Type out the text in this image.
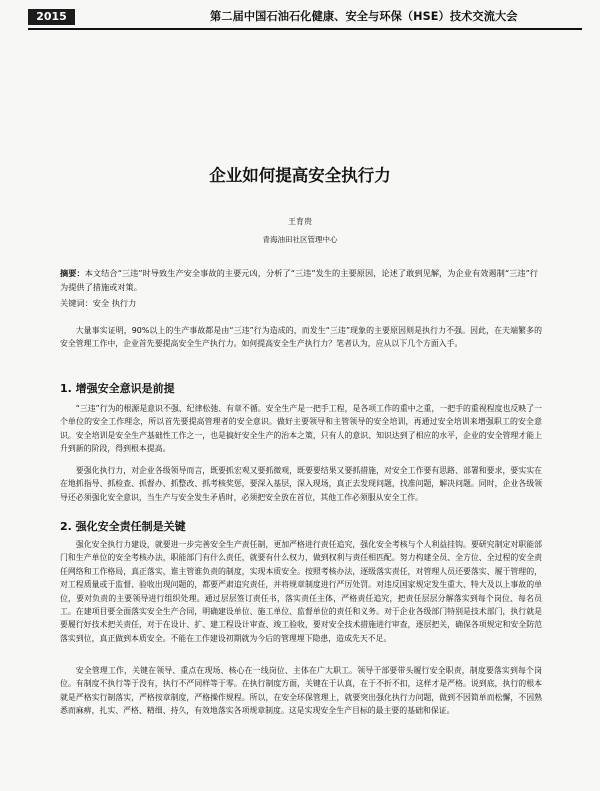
2015	第二届中国石油石化健康、安全与环保（HSE）技术交流大会
企业如何提高安全执行力
王育贵
青海油田社区管理中心
摘要：本文结合“三违”时导致生产安全事故的主要元凶，分析了“三违”发生的主要原因，论述了敢到见解，为企业有效遏制“三违”行为提供了措施或对策。
关键词：安全 执行力

大量事实证明，90%以上的生产事故都是由“三违”行为造成的，而发生“三违”现象的主要原因则是执行力不强。因此，在夫端繁多的安全管理工作中，企业首先要提高安全生产执行力。如何提高安全生产执行力？笔者认为，应从以下几个方面入手。

1. 增强安全意识是前提

“三违”行为的根源是意识不强、纪律松弛、有章不循。安全生产是一把手工程，是各项工作的重中之重，一把手的重视程度也反映了一个单位的安全工作理念，所以首先要提高管理者的安全意识。做好主要领导和主管领导的安全培训，再通过安全培训来增强职工的安全意识。安全培训是安全生产基础性工作之一，也是搞好安全生产的治本之策，只有人的意识、知识达到了相应的水平，企业的安全管理才能上升到新的阶段，得到根本提高。

要强化执行力，对企业各级领导而言，既要抓宏观又要抓微观，既要要结果又要抓措施，对安全工作要有思路、部署和要求，要实实在在地抓指导、抓检查、抓督办、抓整改、抓考核奖惩，要深入基层，深入现场，真正去发现问题，找准问题，解决问题。同时，企业各级领导还必须强化安全意识，当生产与安全发生矛盾时，必须把安全放在首位，其他工作必须服从安全工作。

2. 强化安全责任制是关键

强化安全执行力建设，就要进一步完善安全生产责任制，更加严格进行责任追究，强化安全考核与个人利益挂钩。要研究制定对职能部门和生产单位的安全考核办法，职能部门有什么责任，就要有什么权力，做到权利与责任相匹配。努力构建全员、全方位、全过程的安全责任网络和工作格局，真正落实，谁主管谁负责的制度，实现本质安全。按照考核办法，逐级落实责任，对管理人员还要落实、履于管理的，对工程质量或于监督、验收出现问题的，都要严肃追究责任，并将规章制度进行严厉处罚。对违反国家规定发生重大、特大及以上事故的单位，要对负责的主要领导进行组织处理。通过层层签订责任书，落实责任主体，严格责任追究，把责任层层分解落实到每个岗位、每名员工。在建项目要全面落实安全生产合同，明确建设单位、施工单位、监督单位的责任和义务。对于企业各级部门特别是技术部门，执行就是要履行好技术把关责任，对于在设计、扩、建工程设计审查、竣工验收，要对安全技术措施进行审查，逐层把关，确保各项规定和安全防范落实到位，真正做到本质安全。不能在工作建设初期就为今后的管理埋下隐患，造成先天不足。

安全管理工作，关键在领导、重点在现场、核心在一线岗位、主体在广大职工。领导干部要带头履行安全职责，制度要落实到每个岗位。有制度不执行等于没有，执行不严同样等于零。在执行制度方面，关键在于认真，在于不折不扣，这样才是严格。说到底，执行的根本就是严格实行制落实，严格按章制度，严格操作规程。所以，在安全环保管理上，就要突出强化执行力问题，做到不因简单而松懈，不因熟悉而麻痹，扎实、严格、精细、持久，有效地落实各项规章制度。这是实现安全生产目标的最主要的基础和保证。
